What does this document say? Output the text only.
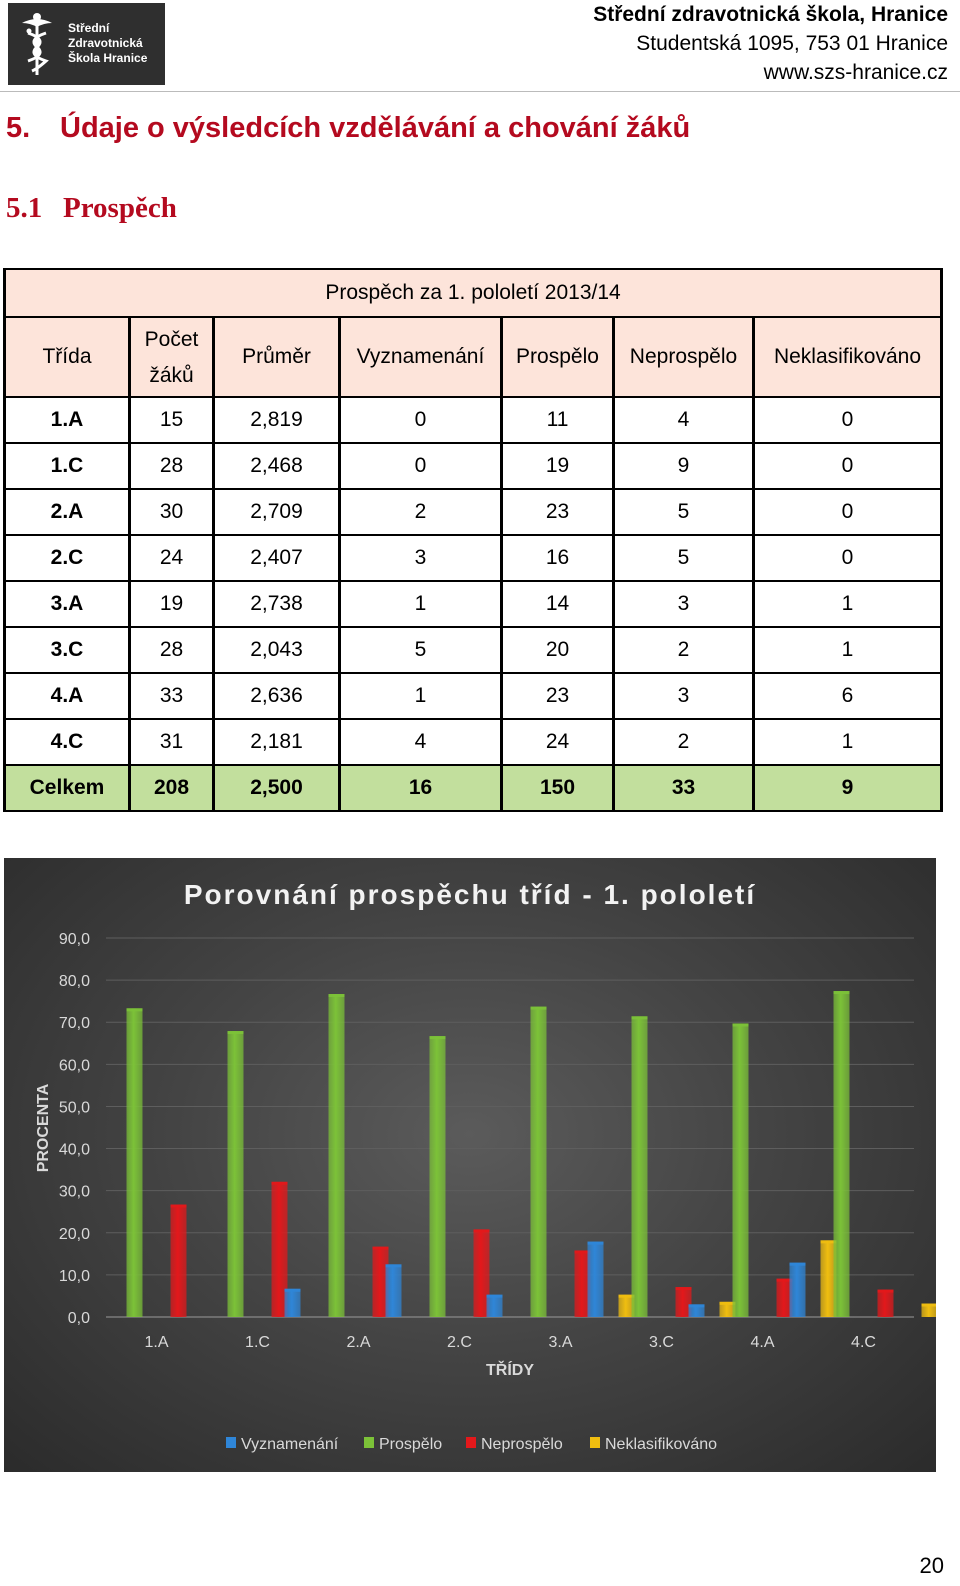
Střední
Zdravotnická
Škola Hranice
Střední zdravotnická škola, Hranice
Studentská 1095, 753 01 Hranice
www.szs-hranice.cz
5. Údaje o výsledcích vzdělávání a chování žáků
5.1 Prospěch
Prospěch za 1. pololetí 2013/14						
Třída	Počet žáků	Průměr	Vyznamenání	Prospělo	Neprospělo	Neklasifikováno
1.A	15	2,819	0	11	4	0
1.C	28	2,468	0	19	9	0
2.A	30	2,709	2	23	5	0
2.C	24	2,407	3	16	5	0
3.A	19	2,738	1	14	3	1
3.C	28	2,043	5	20	2	1
4.A	33	2,636	1	23	3	6
4.C	31	2,181	4	24	2	1
Celkem	208	2,500	16	150	33	9
Porovnání prospěchu tříd - 1. pololetí
0,0
10,0
20,0
30,0
40,0
50,0
60,0
70,0
80,0
90,0
PROCENTA
1.A	1.C	2.A	2.C	3.A	3.C	4.A	4.C
TŘÍDY
Vyznamenání	Prospělo Neprospělo	Neklasifikováno
20
